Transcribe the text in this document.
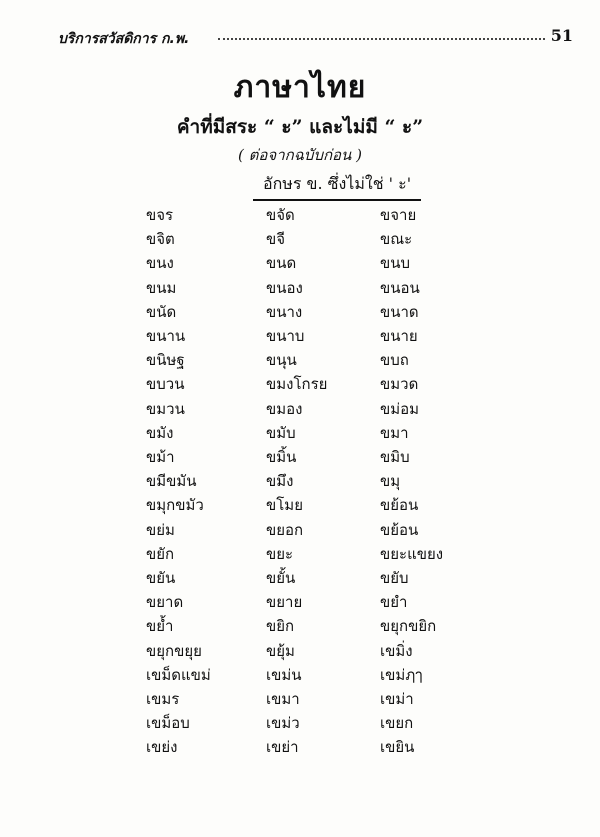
บริการสวัสดิการ ก.พ.	51
ภาษาไทย
คำที่มีสระ “ ะ” และไม่มี “ ะ”
( ต่อจากฉบับก่อน )
อักษร ข. ซึ่งไม่ใช่ ' ะ'
ขจร	ขจัด	ขจาย
ขจิต	ขจี	ขณะ
ขนง	ขนด	ขนบ
ขนม	ขนอง	ขนอน
ขนัด	ขนาง	ขนาด
ขนาน	ขนาบ	ขนาย
ขนิษฐ	ขนุน	ขบถ
ขบวน	ขมงโกรย	ขมวด
ขมวน	ขมอง	ขม่อม
ขมัง	ขมับ	ขมา
ขม้า	ขมิ้น	ขมิบ
ขมีขมัน	ขมึง	ขมุ
ขมุกขมัว	ขโมย	ขย้อน
ขย่ม	ขยอก	ขย้อน
ขยัก	ขยะ	ขยะแขยง
ขยัน	ขยั้น	ขยับ
ขยาด	ขยาย	ขยำ
ขย้ำ	ขยิก	ขยุกขยิก
ขยุกขยุย	ขยุ้ม	เขมิ่ง
เขม็ดแขม่	เขม่น	เขม่ฦๅ
เขมร	เขมา	เขม่า
เขม็อบ	เขม่ว	เขยก
เขย่ง	เขย่า	เขยิน
